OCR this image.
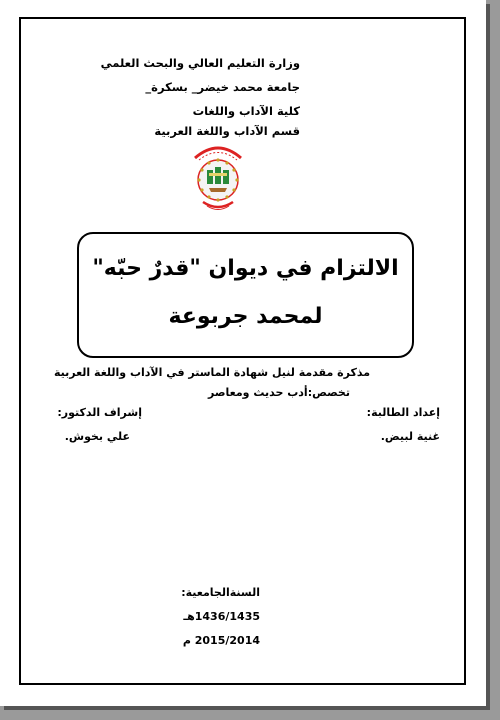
وزارة التعليم العالي والبحث العلمي
جامعة محمد خيضر_ بسكرة_
كلية الآداب واللغات
قسم الآداب واللغة العربية
الالتزام في ديوان "قدرٌ حبّه"
لمحمد جربوعة
مذكرة مقدمة لنيل شهادة الماستر في الآداب واللغة العربية
تخصص:أدب حديث ومعاصر
إعداد الطالبة:
غنية لبيض.
إشراف الدكتور:
علي بخوش.
السنةالجامعية:
1436/1435هـ
2015/2014 م
